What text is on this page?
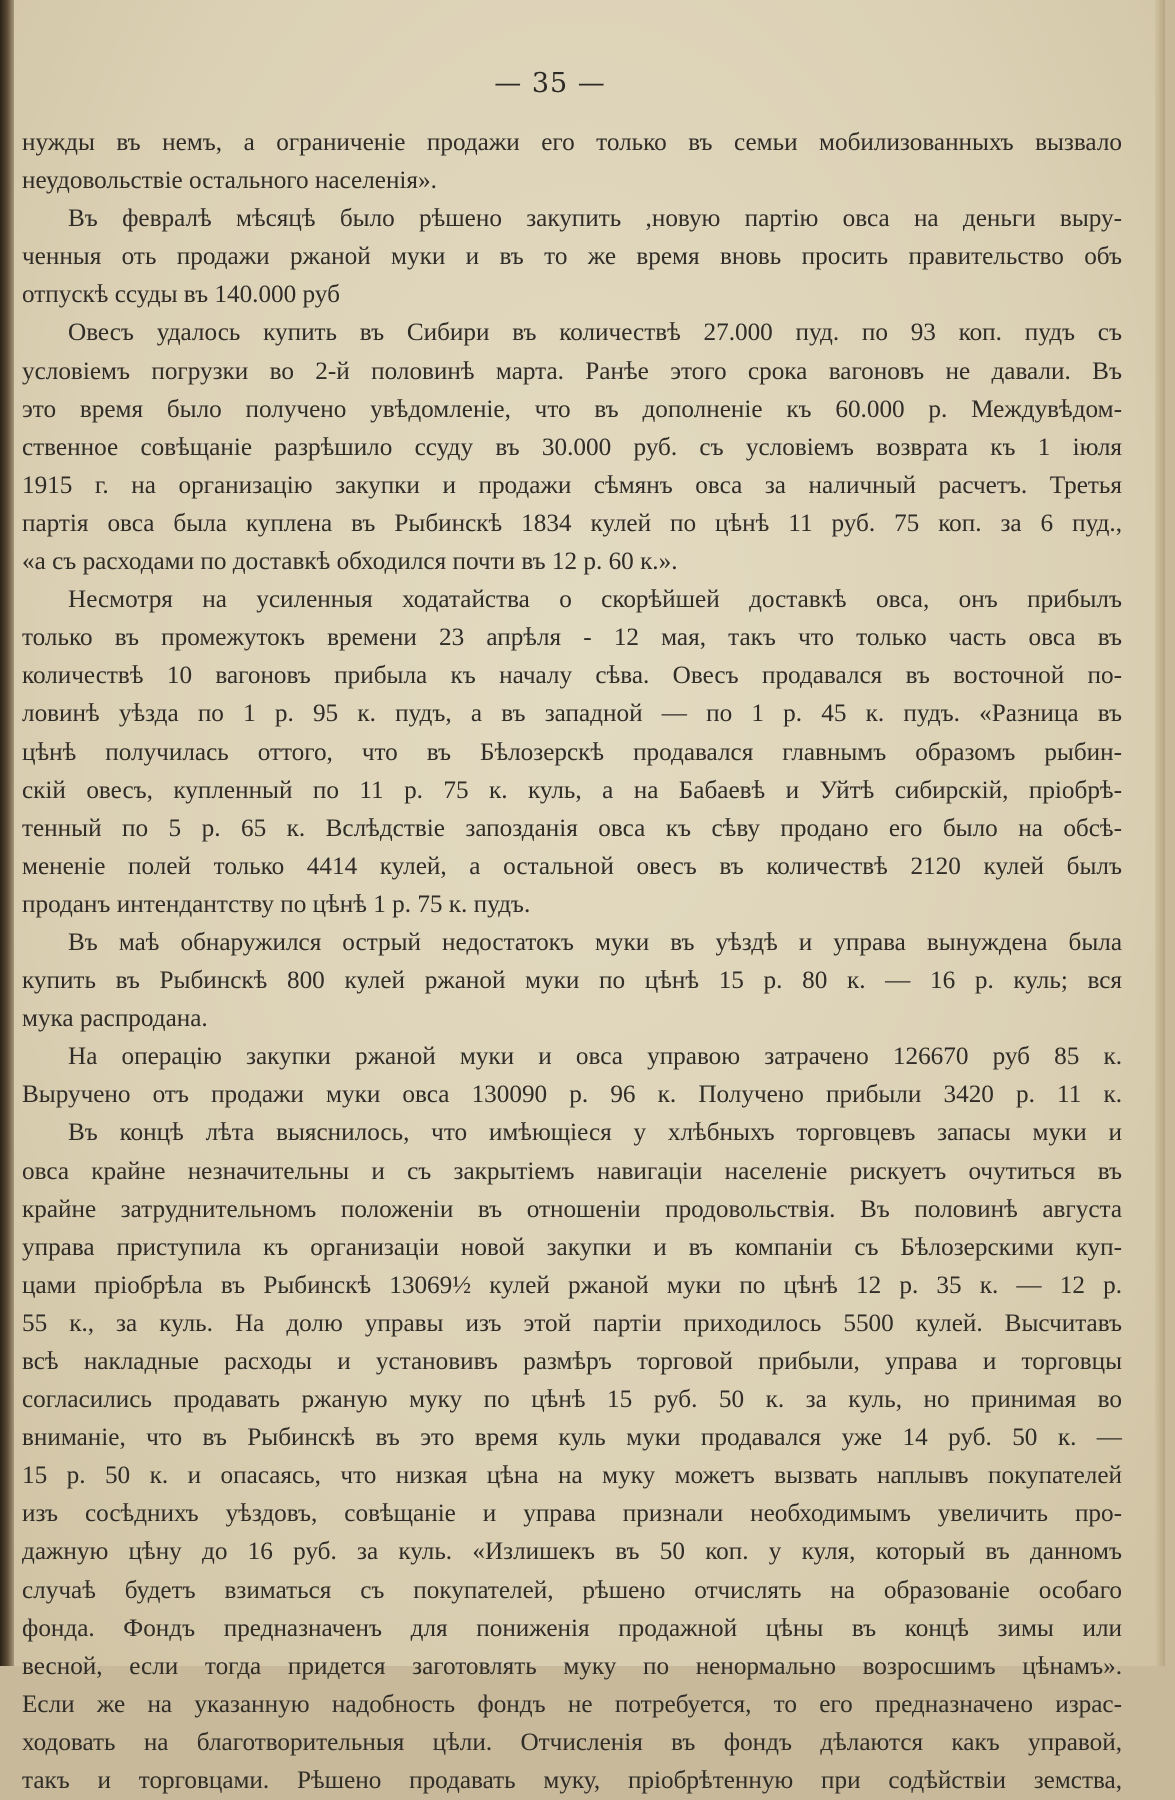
— 35 —
нужды въ немъ, а ограниченіе продажи его только въ семьи мобилизованныхъ вызвало
неудовольствіе остального населенія».
Въ февралѣ мѣсяцѣ было рѣшено закупить ,новую партію овса на деньги выру-
ченныя оть продажи ржаной муки и въ то же время вновь просить правительство объ
отпускѣ ссуды въ 140.000 руб
Овесъ удалось купить въ Сибири въ количествѣ 27.000 пуд. по 93 коп. пудъ съ
условіемъ погрузки во 2-й половинѣ марта. Ранѣе этого срока вагоновъ не давали. Въ
это время было получено увѣдомленіе, что въ дополненіе къ 60.000 р. Междувѣдом-
ственное совѣщаніе разрѣшило ссуду въ 30.000 руб. съ условіемъ возврата къ 1 іюля
1915 г. на организацію закупки и продажи сѣмянъ овса за наличный расчетъ. Третья
партія овса была куплена въ Рыбинскѣ 1834 кулей по цѣнѣ 11 руб. 75 коп. за 6 пуд.,
«а съ расходами по доставкѣ обходился почти въ 12 р. 60 к.».
Несмотря на усиленныя ходатайства о скорѣйшей доставкѣ овса, онъ прибылъ
только въ промежутокъ времени 23 апрѣля - 12 мая, такъ что только часть овса въ
количествѣ 10 вагоновъ прибыла къ началу сѣва. Овесъ продавался въ восточной по-
ловинѣ уѣзда по 1 р. 95 к. пудъ, а въ западной — по 1 р. 45 к. пудъ. «Разница въ
цѣнѣ получилась оттого, что въ Бѣлозерскѣ продавался главнымъ образомъ рыбин-
скій овесъ, купленный по 11 р. 75 к. куль, а на Бабаевѣ и Уйтѣ сибирскій, пріобрѣ-
тенный по 5 р. 65 к. Вслѣдствіе запозданія овса къ сѣву продано его было на обсѣ-
мененіе полей только 4414 кулей, а остальной овесъ въ количествѣ 2120 кулей былъ
проданъ интендантству по цѣнѣ 1 р. 75 к. пудъ.
Въ маѣ обнаружился острый недостатокъ муки въ уѣздѣ и управа вынуждена была
купить въ Рыбинскѣ 800 кулей ржаной муки по цѣнѣ 15 р. 80 к. — 16 р. куль; вся
мука распродана.
На операцію закупки ржаной муки и овса управою затрачено 126670 руб 85 к.
Выручено отъ продажи муки овса 130090 р. 96 к. Получено прибыли 3420 р. 11 к.
Въ концѣ лѣта выяснилось, что имѣющіеся у хлѣбныхъ торговцевъ запасы муки и
овса крайне незначительны и съ закрытіемъ навигаціи населеніе рискуетъ очутиться въ
крайне затруднительномъ положеніи въ отношеніи продовольствія. Въ половинѣ августа
управа приступила къ организаціи новой закупки и въ компаніи съ Бѣлозерскими куп-
цами пріобрѣла въ Рыбинскѣ 13069½ кулей ржаной муки по цѣнѣ 12 р. 35 к. — 12 р.
55 к., за куль. На долю управы изъ этой партіи приходилось 5500 кулей. Высчитавъ
всѣ накладные расходы и установивъ размѣръ торговой прибыли, управа и торговцы
согласились продавать ржаную муку по цѣнѣ 15 руб. 50 к. за куль, но принимая во
вниманіе, что въ Рыбинскѣ въ это время куль муки продавался уже 14 руб. 50 к. —
15 р. 50 к. и опасаясь, что низкая цѣна на муку можетъ вызвать наплывъ покупателей
изъ сосѣднихъ уѣздовъ, совѣщаніе и управа признали необходимымъ увеличить про-
дажную цѣну до 16 руб. за куль. «Излишекъ въ 50 коп. у куля, который въ данномъ
случаѣ будетъ взиматься съ покупателей, рѣшено отчислять на образованіе особаго
фонда. Фондъ предназначенъ для пониженія продажной цѣны въ концѣ зимы или
весной, если тогда придется заготовлять муку по ненормально возросшимъ цѣнамъ».
Если же на указанную надобность фондъ не потребуется, то его предназначено израс-
ходовать на благотворительныя цѣли. Отчисленія въ фондъ дѣлаются какъ управой,
такъ и торговцами. Рѣшено продавать муку, пріобрѣтенную при содѣйствіи земства,
